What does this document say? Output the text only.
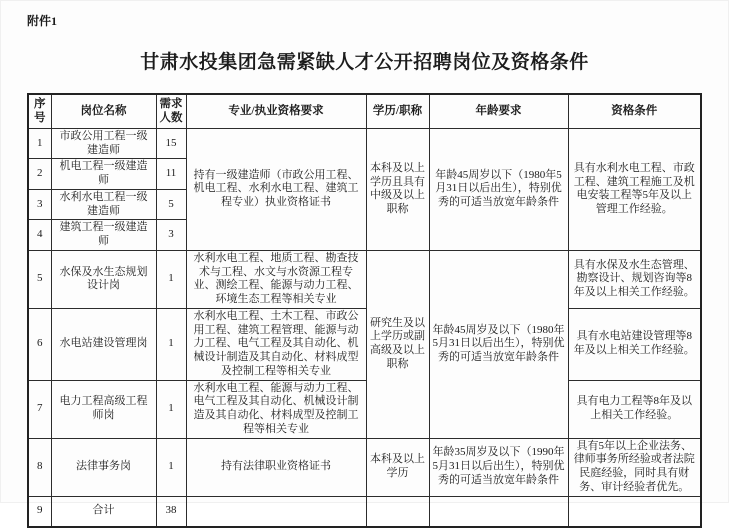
附件1
甘肃水投集团急需紧缺人才公开招聘岗位及资格条件
序号	岗位名称	需求人数	专业/执业资格要求	学历/职称	年龄要求	资格条件
1	市政公用工程一级建造师	15	持有一级建造师（市政公用工程、机电工程、水利水电工程、建筑工程专业）执业资格证书	本科及以上学历且具有中级及以上职称	年龄45周岁以下（1980年5月31日以后出生），特别优秀的可适当放宽年龄条件	具有水利水电工程、市政工程、建筑工程施工及机电安装工程等5年及以上管理工作经验。
2	机电工程一级建造师	11				
3	水利水电工程一级建造师	5				
4	建筑工程一级建造师	3				
5	水保及水生态规划设计岗	1	水利水电工程、地质工程、勘查技术与工程、水文与水资源工程专业、测绘工程、能源与动力工程、环境生态工程等相关专业	研究生及以上学历或副高级及以上职称	年龄45周岁及以下（1980年5月31日以后出生），特别优秀的可适当放宽年龄条件	具有水保及水生态管理、勘察设计、规划咨询等8年及以上相关工作经验。
6	水电站建设管理岗	1	水利水电工程、土木工程、市政公用工程、建筑工程管理、能源与动力工程、电气工程及其自动化、机械设计制造及其自动化、材料成型及控制工程等相关专业			具有水电站建设管理等8年及以上相关工作经验。
7	电力工程高级工程师岗	1	水利水电工程、能源与动力工程、电气工程及其自动化、机械设计制造及其自动化、材料成型及控制工程等相关专业			具有电力工程等8年及以上相关工作经验。
8	法律事务岗	1	持有法律职业资格证书	本科及以上学历	年龄35周岁及以下（1990年5月31日以后出生），特别优秀的可适当放宽年龄条件	具有5年以上企业法务、律师事务所经验或者法院民庭经验，同时具有财务、审计经验者优先。
9	合计	38				
